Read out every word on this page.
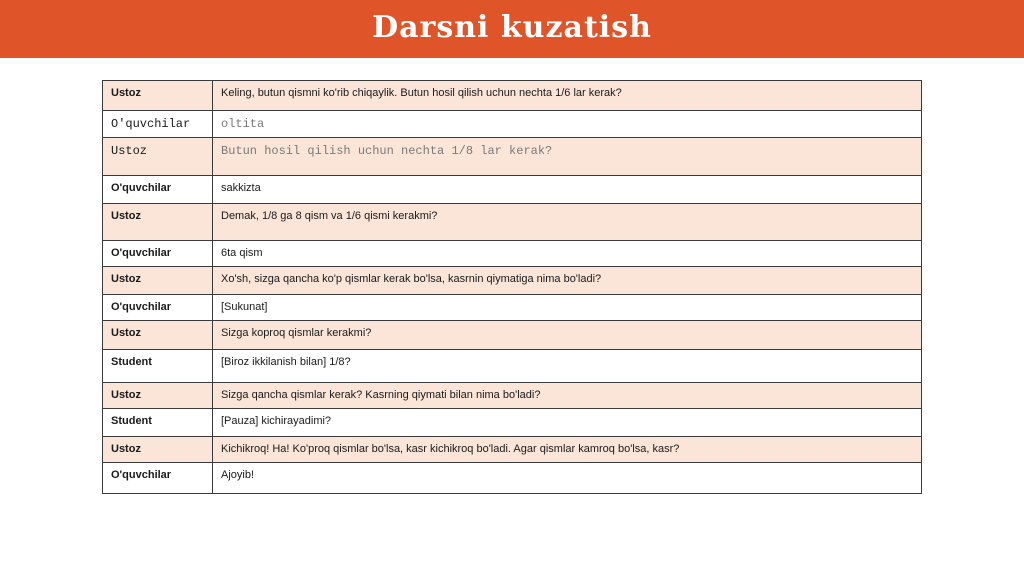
Darsni kuzatish
Ustoz	Keling, butun qismni ko'rib chiqaylik. Butun hosil qilish uchun nechta 1/6 lar kerak?
O'quvchilar	oltita
Ustoz	Butun hosil qilish uchun nechta 1/8 lar kerak?
O'quvchilar	sakkizta
Ustoz	Demak, 1/8 ga 8 qism va 1/6 qismi kerakmi?
O'quvchilar	6ta qism
Ustoz	Xo'sh, sizga qancha ko'p qismlar kerak bo'lsa, kasrnin qiymatiga nima bo'ladi?
O'quvchilar	[Sukunat]
Ustoz	Sizga koproq qismlar kerakmi?
Student	[Biroz ikkilanish bilan] 1/8?
Ustoz	Sizga qancha qismlar kerak? Kasrning qiymati bilan nima bo'ladi?
Student	[Pauza] kichirayadimi?
Ustoz	Kichikroq! Ha! Ko'proq qismlar bo'lsa, kasr kichikroq bo'ladi. Agar qismlar kamroq bo'lsa, kasr?
O'quvchilar	Ajoyib!
